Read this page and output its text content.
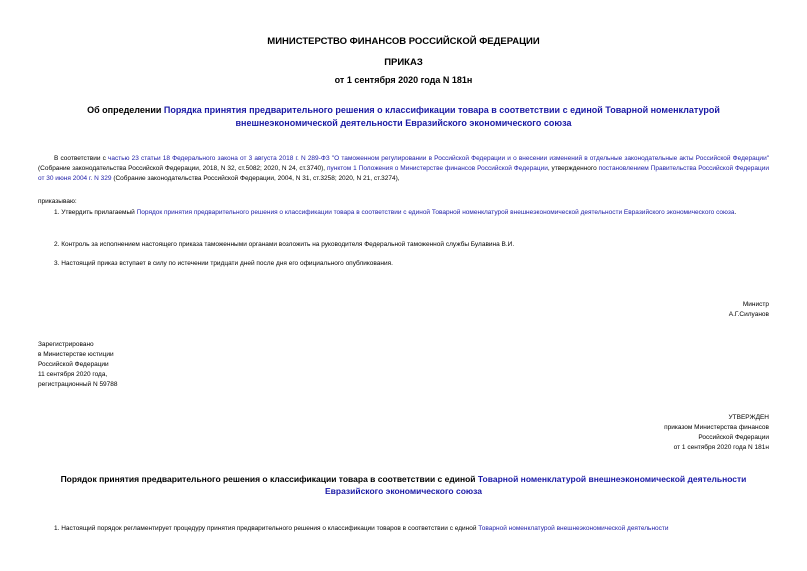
МИНИСТЕРСТВО ФИНАНСОВ РОССИЙСКОЙ ФЕДЕРАЦИИ
ПРИКАЗ
от 1 сентября 2020 года N 181н
Об определении Порядка принятия предварительного решения о классификации товара в соответствии с единой Товарной номенклатурой внешнеэкономической деятельности Евразийского экономического союза
В соответствии с частью 23 статьи 18 Федерального закона от 3 августа 2018 г. N 289-ФЗ "О таможенном регулировании в Российской Федерации и о внесении изменений в отдельные законодательные акты Российской Федерации" (Собрание законодательства Российской Федерации, 2018, N 32, ст.5082; 2020, N 24, ст.3740), пунктом 1 Положения о Министерстве финансов Российской Федерации, утвержденного постановлением Правительства Российской Федерации от 30 июня 2004 г. N 329 (Собрание законодательства Российской Федерации, 2004, N 31, ст.3258; 2020, N 21, ст.3274),
приказываю:
1. Утвердить прилагаемый Порядок принятия предварительного решения о классификации товара в соответствии с единой Товарной номенклатурой внешнеэкономической деятельности Евразийского экономического союза.
2. Контроль за исполнением настоящего приказа таможенными органами возложить на руководителя Федеральной таможенной службы Булавина В.И.
3. Настоящий приказ вступает в силу по истечении тридцати дней после дня его официального опубликования.
Министр
А.Г.Силуанов
Зарегистрировано
в Министерстве юстиции
Российской Федерации
11 сентября 2020 года,
регистрационный N 59788
УТВЕРЖДЕН
приказом Министерства финансов
Российской Федерации
от 1 сентября 2020 года N 181н
Порядок принятия предварительного решения о классификации товара в соответствии с единой Товарной номенклатурой внешнеэкономической деятельности Евразийского экономического союза
1. Настоящий порядок регламентирует процедуру принятия предварительного решения о классификации товаров в соответствии с единой Товарной номенклатурой внешнеэкономической деятельности
